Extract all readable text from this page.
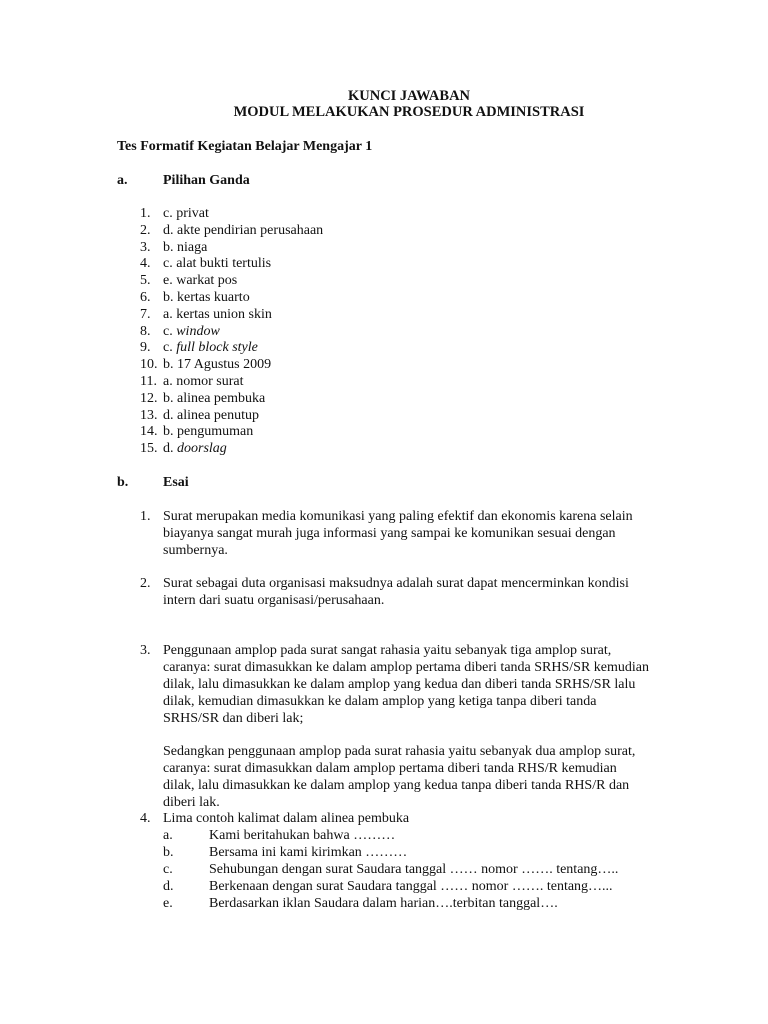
KUNCI JAWABAN
MODUL MELAKUKAN PROSEDUR ADMINISTRASI
Tes Formatif Kegiatan Belajar Mengajar 1
a.	Pilihan Ganda
1. c. privat
2. d. akte pendirian perusahaan
3. b. niaga
4. c. alat bukti tertulis
5. e. warkat pos
6. b. kertas kuarto
7. a. kertas union skin
8. c. window
9. c. full block style
10. b. 17 Agustus 2009
11. a. nomor surat
12. b. alinea pembuka
13. d. alinea penutup
14. b. pengumuman
15. d. doorslag
b. Esai
1. Surat merupakan media komunikasi yang paling efektif dan ekonomis karena selain
biayanya sangat murah juga informasi yang sampai ke komunikan sesuai dengan
sumbernya.
2. Surat sebagai duta organisasi maksudnya adalah surat dapat mencerminkan kondisi
intern dari suatu organisasi/perusahaan.
3. Penggunaan amplop pada surat sangat rahasia yaitu sebanyak tiga amplop surat,
caranya: surat dimasukkan ke dalam amplop pertama diberi tanda SRHS/SR kemudian
dilak, lalu dimasukkan ke dalam amplop yang kedua dan diberi tanda SRHS/SR lalu
dilak, kemudian dimasukkan ke dalam amplop yang ketiga tanpa diberi tanda
SRHS/SR dan diberi lak;
Sedangkan penggunaan amplop pada surat rahasia yaitu sebanyak dua amplop surat,
caranya: surat dimasukkan dalam amplop pertama diberi tanda RHS/R kemudian
dilak, lalu dimasukkan ke dalam amplop yang kedua tanpa diberi tanda RHS/R dan
diberi lak.
4. Lima contoh kalimat dalam alinea pembuka
a.	Kami beritahukan bahwa ………
b.	Bersama ini kami kirimkan ………
c.	Sehubungan dengan surat Saudara tanggal …… nomor ……. tentang…..
d.	Berkenaan dengan surat Saudara tanggal …… nomor ……. tentang…...
e.	Berdasarkan iklan Saudara dalam harian….terbitan tanggal….
